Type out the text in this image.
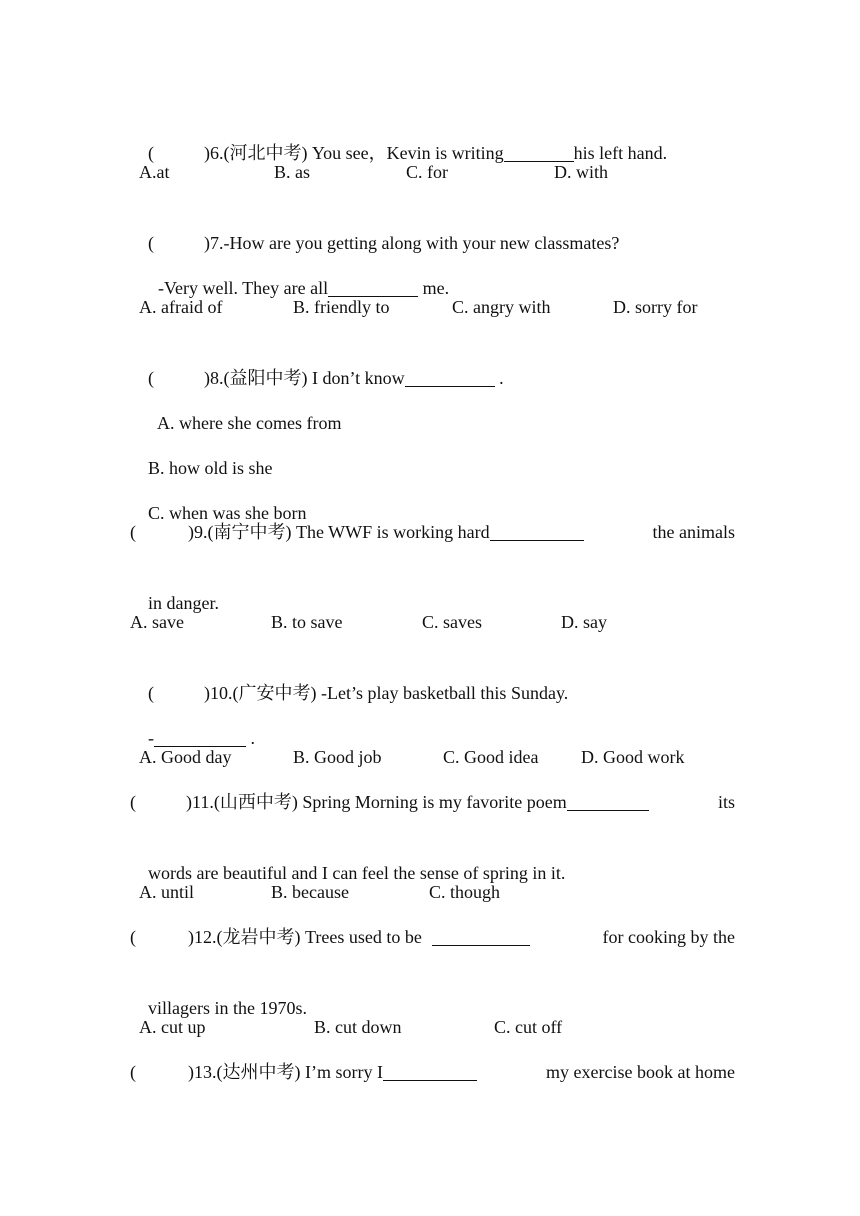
(	)6.(河北中考) You see，Kevin is writing	his left hand.

A.at

	B. as

	C. for

	D. with

(	)7.-How are you getting along with your new classmates?

-Very well. They are all	me.

A. afraid of

	B. friendly to

	C. angry with

	D. sorry for

(	)8.(益阳中考) I don’t know	.

A. where she comes from

B. how old is she

C. when was she born

(	)9.(南宁中考) The WWF is working hard	the animals

in danger.

A. save

	B. to save

	C. saves

	D. say

(	)10.(广安中考) -Let’s play basketball this Sunday.

-	.

A. Good day

	B. Good job

	C. Good idea

D. Good work

(	)11.(山西中考) Spring Morning is my favorite poem	its

words are beautiful and I can feel the sense of spring in it.

A. until

	B. because

	C. though

(	)12.(龙岩中考) Trees used to be	for cooking by the

villagers in the 1970s.

A. cut up

	B. cut down

	C. cut off

(	)13.(达州中考) I’m sorry I	my exercise book at home
